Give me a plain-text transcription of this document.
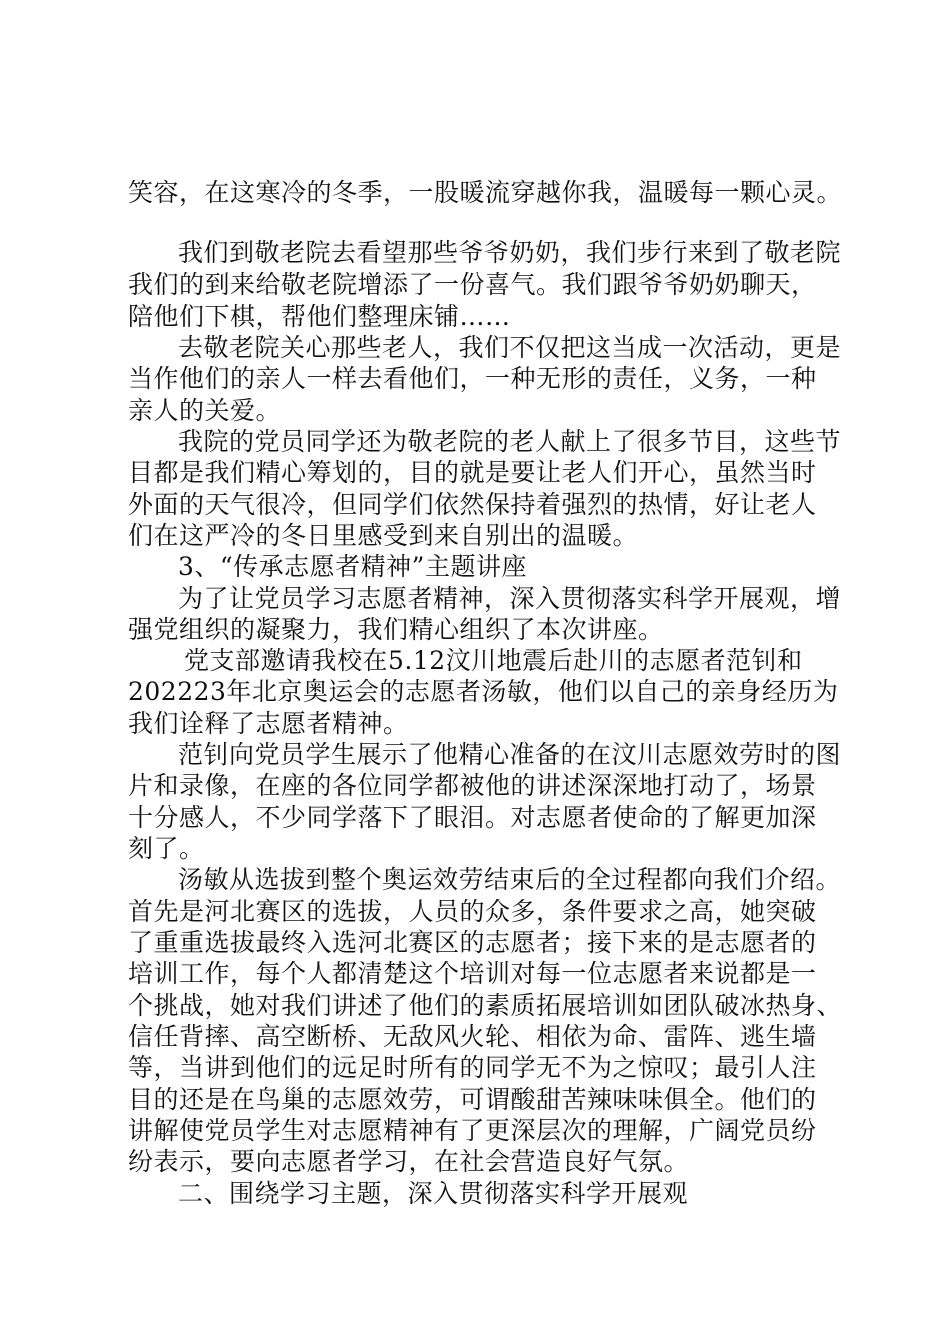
笑容，在这寒冷的冬季，一股暖流穿越你我，温暖每一颗心灵。
我们到敬老院去看望那些爷爷奶奶，我们步行来到了敬老院
我们的到来给敬老院增添了一份喜气。我们跟爷爷奶奶聊天，
陪他们下棋，帮他们整理床铺……
去敬老院关心那些老人，我们不仅把这当成一次活动，更是
当作他们的亲人一样去看他们，一种无形的责任，义务，一种
亲人的关爱。
我院的党员同学还为敬老院的老人献上了很多节目，这些节
目都是我们精心筹划的，目的就是要让老人们开心，虽然当时
外面的天气很冷，但同学们依然保持着强烈的热情，好让老人
们在这严冷的冬日里感受到来自别出的温暖。
3、“传承志愿者精神”主题讲座
为了让党员学习志愿者精神，深入贯彻落实科学开展观，增
强党组织的凝聚力，我们精心组织了本次讲座。
党支部邀请我校在5.12汶川地震后赴川的志愿者范钊和
202223年北京奥运会的志愿者汤敏，他们以自己的亲身经历为
我们诠释了志愿者精神。
范钊向党员学生展示了他精心准备的在汶川志愿效劳时的图
片和录像，在座的各位同学都被他的讲述深深地打动了，场景
十分感人，不少同学落下了眼泪。对志愿者使命的了解更加深
刻了。
汤敏从选拔到整个奥运效劳结束后的全过程都向我们介绍。
首先是河北赛区的选拔，人员的众多，条件要求之高，她突破
了重重选拔最终入选河北赛区的志愿者；接下来的是志愿者的
培训工作，每个人都清楚这个培训对每一位志愿者来说都是一
个挑战，她对我们讲述了他们的素质拓展培训如团队破冰热身、
信任背摔、高空断桥、无敌风火轮、相依为命、雷阵、逃生墙
等，当讲到他们的远足时所有的同学无不为之惊叹；最引人注
目的还是在鸟巢的志愿效劳，可谓酸甜苦辣味味俱全。他们的
讲解使党员学生对志愿精神有了更深层次的理解，广阔党员纷
纷表示，要向志愿者学习，在社会营造良好气氛。
二、围绕学习主题，深入贯彻落实科学开展观
